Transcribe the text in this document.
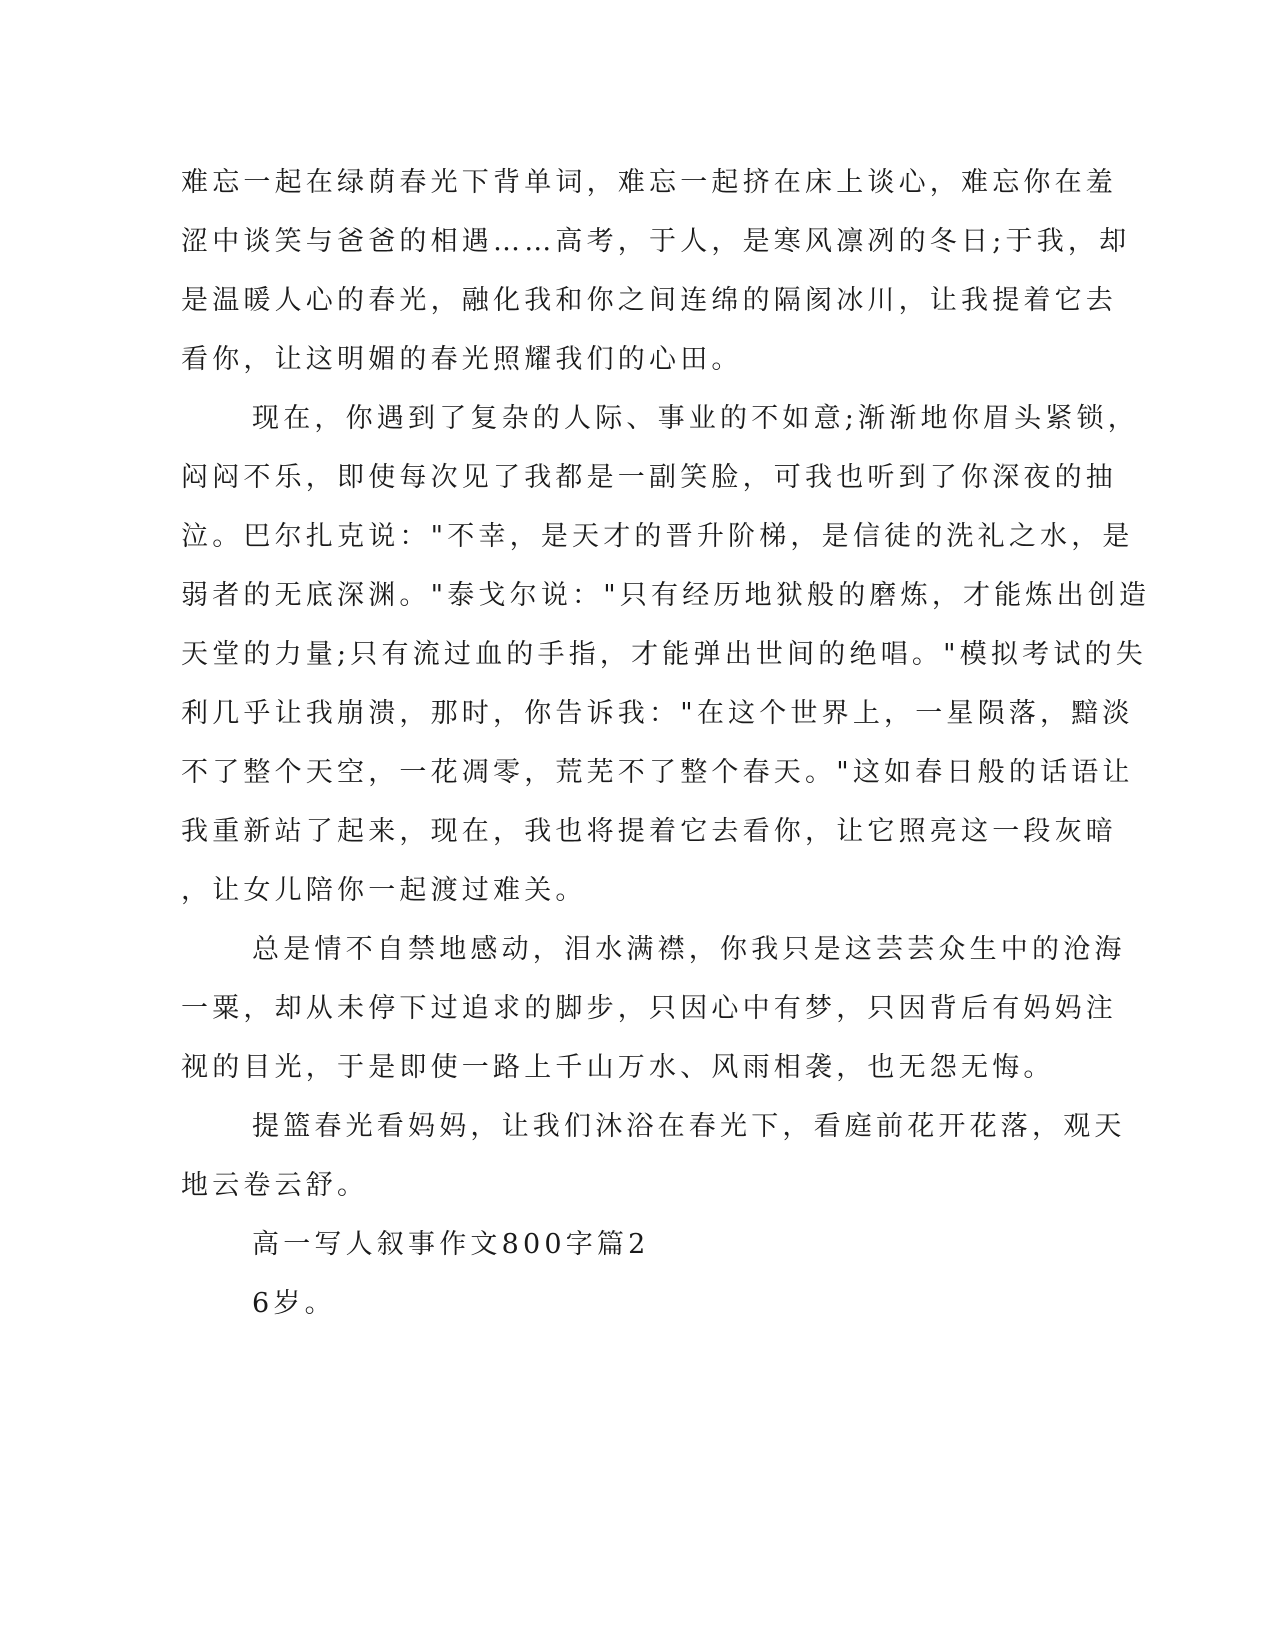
难忘一起在绿荫春光下背单词，难忘一起挤在床上谈心，难忘你在羞
涩中谈笑与爸爸的相遇……高考，于人，是寒风凛冽的冬日;于我，却
是温暖人心的春光，融化我和你之间连绵的隔阂冰川，让我提着它去
看你，让这明媚的春光照耀我们的心田。
现在，你遇到了复杂的人际、事业的不如意;渐渐地你眉头紧锁，
闷闷不乐，即使每次见了我都是一副笑脸，可我也听到了你深夜的抽
泣。巴尔扎克说："不幸，是天才的晋升阶梯，是信徒的洗礼之水，是
弱者的无底深渊。"泰戈尔说："只有经历地狱般的磨炼，才能炼出创造
天堂的力量;只有流过血的手指，才能弹出世间的绝唱。"模拟考试的失
利几乎让我崩溃，那时，你告诉我："在这个世界上，一星陨落，黯淡
不了整个天空，一花凋零，荒芜不了整个春天。"这如春日般的话语让
我重新站了起来，现在，我也将提着它去看你，让它照亮这一段灰暗
，让女儿陪你一起渡过难关。
总是情不自禁地感动，泪水满襟，你我只是这芸芸众生中的沧海
一粟，却从未停下过追求的脚步，只因心中有梦，只因背后有妈妈注
视的目光，于是即使一路上千山万水、风雨相袭，也无怨无悔。
提篮春光看妈妈，让我们沐浴在春光下，看庭前花开花落，观天
地云卷云舒。
高一写人叙事作文800字篇2
6岁。
